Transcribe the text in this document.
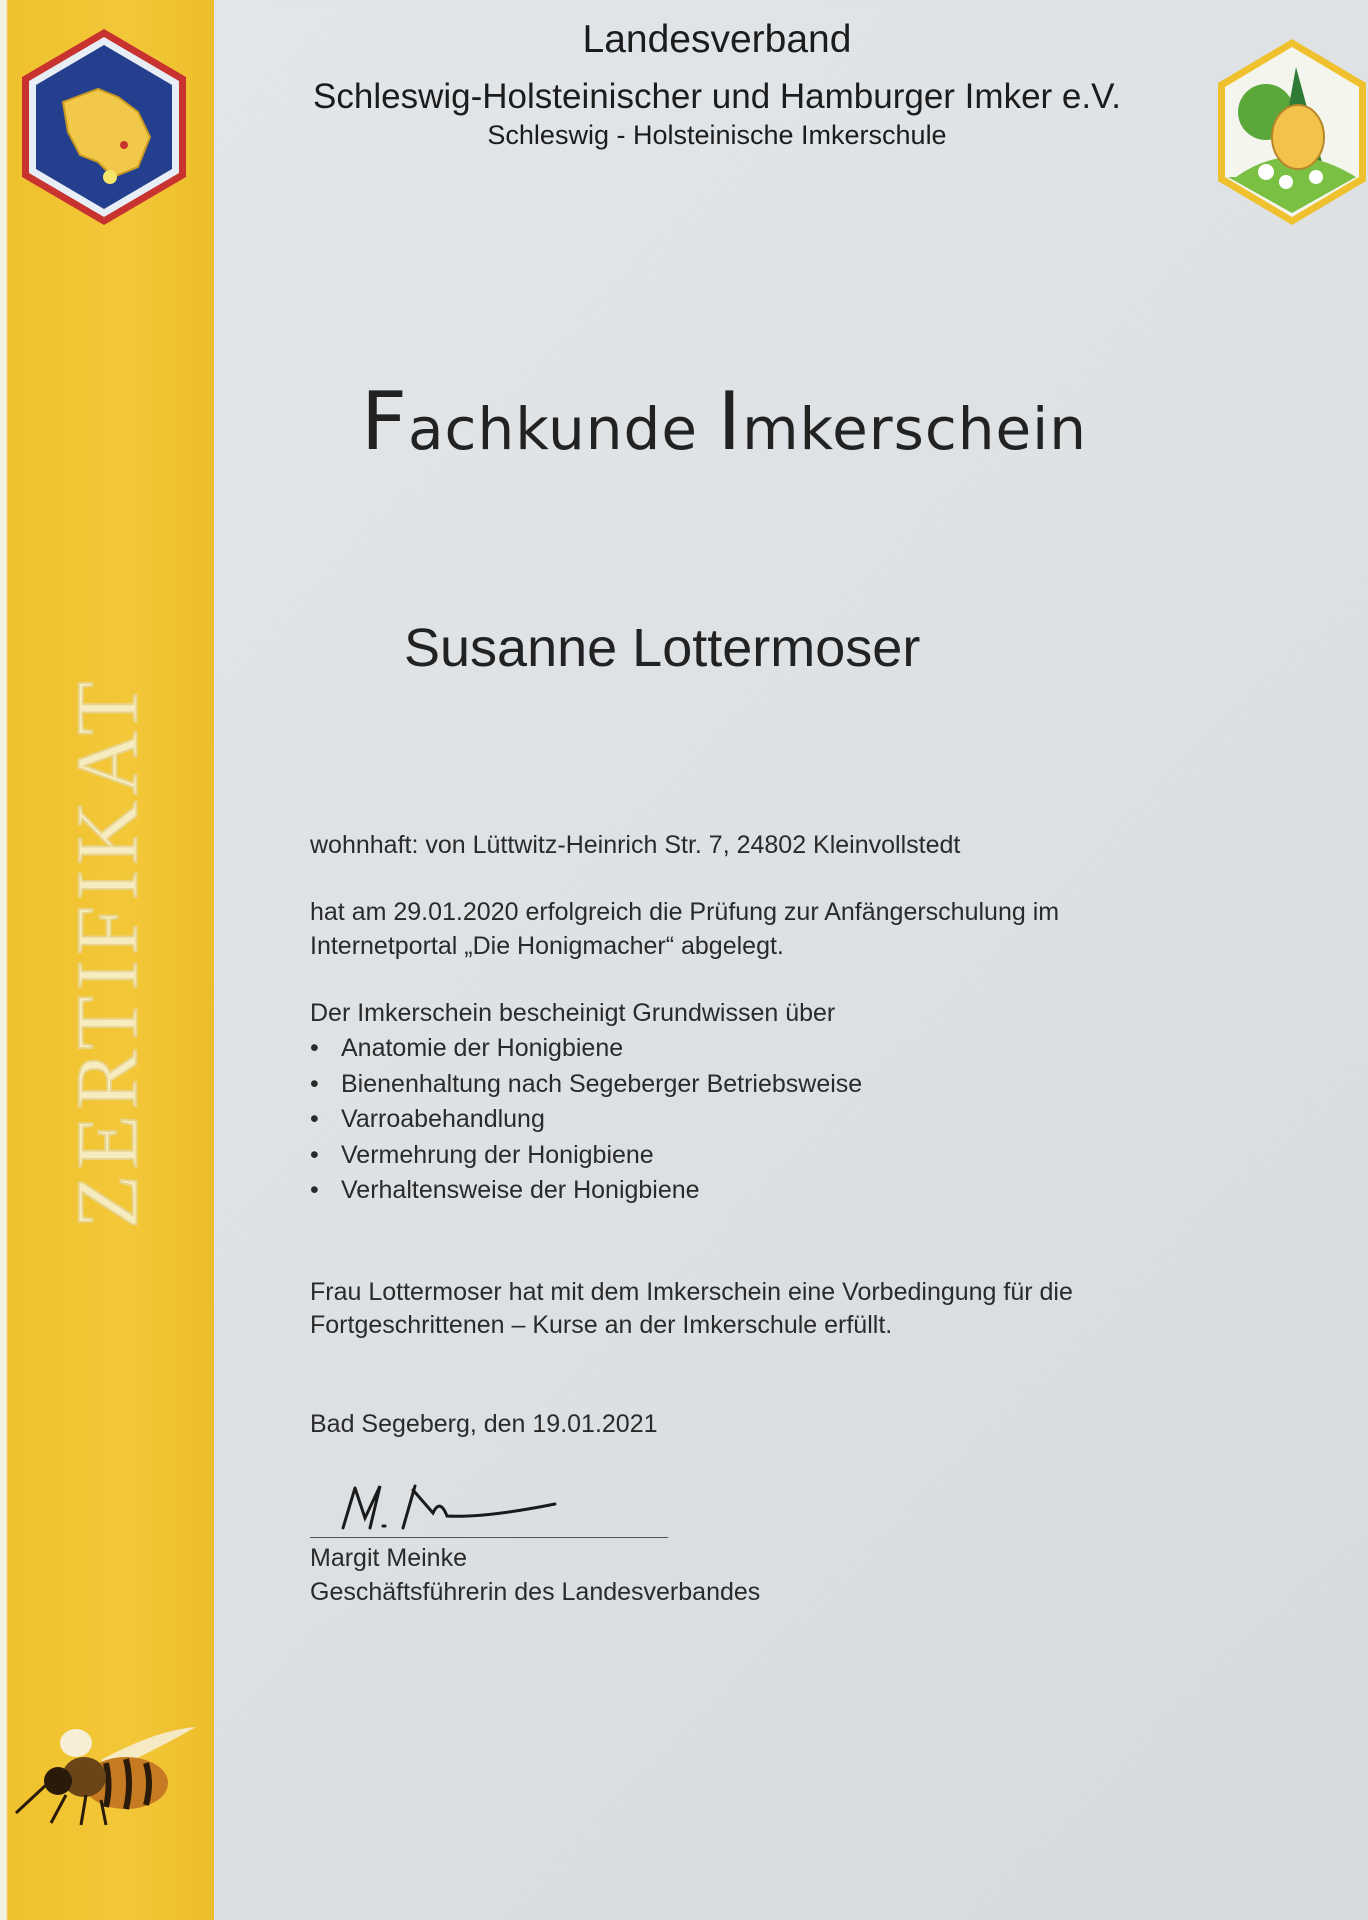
ZERTIFIKAT
Landesverband
Schleswig-Holsteinischer und Hamburger Imker e.V.
Schleswig - Holsteinische Imkerschule
Fachkunde Imkerschein
Susanne Lottermoser
wohnhaft: von Lüttwitz-Heinrich Str. 7, 24802 Kleinvollstedt
hat am 29.01.2020 erfolgreich die Prüfung zur Anfängerschulung im
Internetportal „Die Honigmacher“ abgelegt.
Der Imkerschein bescheinigt Grundwissen über
• Anatomie der Honigbiene
• Bienenhaltung nach Segeberger Betriebsweise
• Varroabehandlung
• Vermehrung der Honigbiene
• Verhaltensweise der Honigbiene
Frau Lottermoser hat mit dem Imkerschein eine Vorbedingung für die
Fortgeschrittenen – Kurse an der Imkerschule erfüllt.
Bad Segeberg, den 19.01.2021
Margit Meinke
Geschäftsführerin des Landesverbandes
